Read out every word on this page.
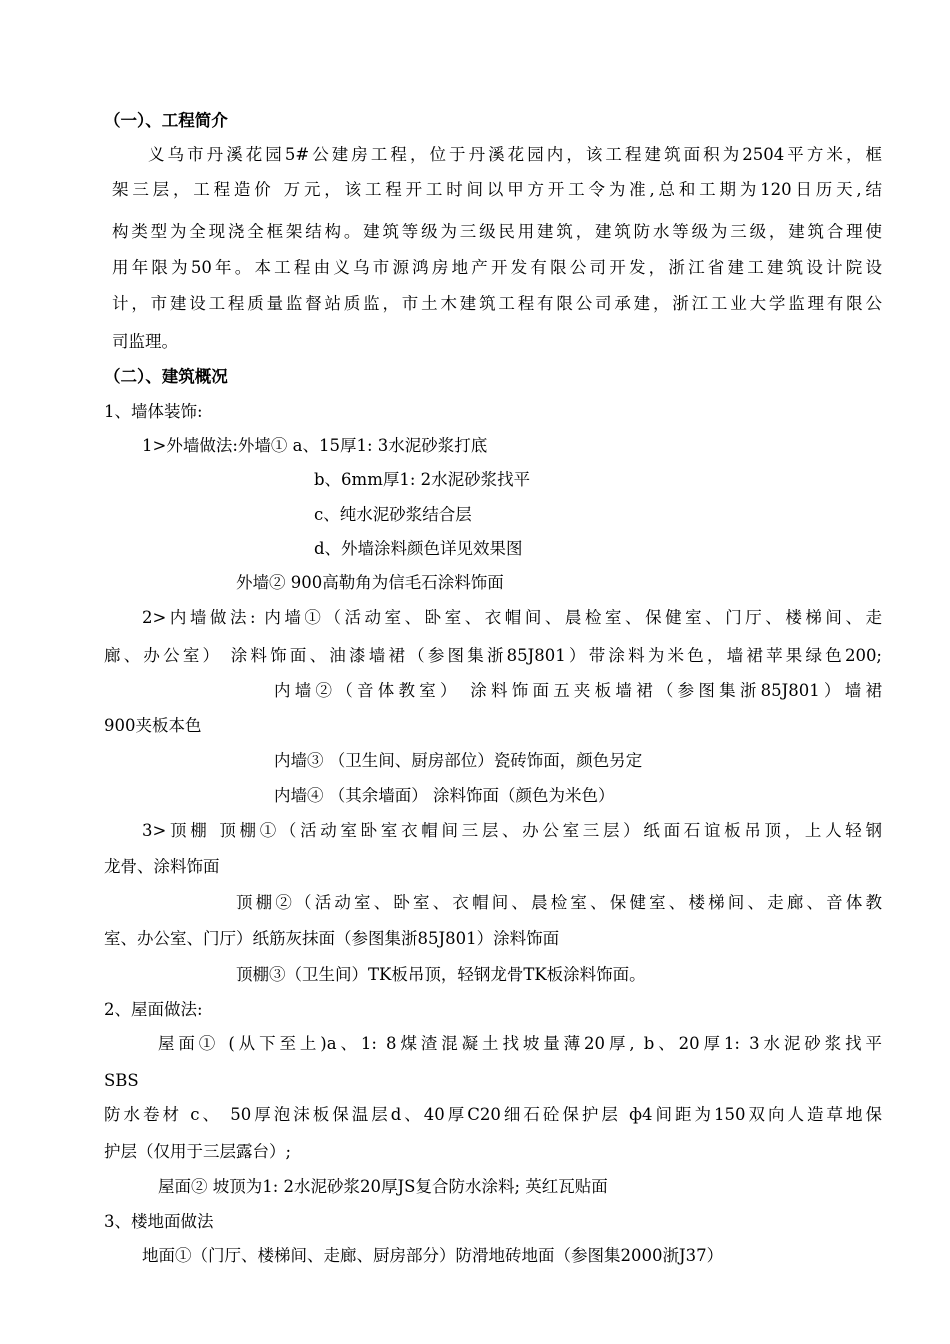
（一）、工程简介
义乌市丹溪花园5#公建房工程，位于丹溪花园内，该工程建筑面积为2504平方米，框
架三层，工程造价 万元，该工程开工时间以甲方开工令为准,总和工期为120日历天,结
构类型为全现浇全框架结构。建筑等级为三级民用建筑，建筑防水等级为三级，建筑合理使
用年限为50年。本工程由义乌市源鸿房地产开发有限公司开发，浙江省建工建筑设计院设
计，市建设工程质量监督站质监，市土木建筑工程有限公司承建，浙江工业大学监理有限公
司监理。
（二）、建筑概况
1、墙体装饰:
1>外墙做法:外墙① a、15厚1: 3水泥砂浆打底
b、6mm厚1: 2水泥砂浆找平
c、纯水泥砂浆结合层
d、外墙涂料颜色详见效果图
外墙② 900高勒角为信毛石涂料饰面
2>内墙做法: 内墙①（活动室、卧室、衣帽间、晨检室、保健室、门厅、楼梯间、走
廊、办公室） 涂料饰面、油漆墙裙（参图集浙85J801）带涂料为米色，墙裙苹果绿色200;
内墙②（音体教室） 涂料饰面五夹板墙裙（参图集浙85J801）墙裙
900夹板本色
内墙③ （卫生间、厨房部位）瓷砖饰面，颜色另定
内墙④ （其余墙面） 涂料饰面（颜色为米色）
3>顶棚 顶棚①（活动室卧室衣帽间三层、办公室三层）纸面石谊板吊顶，上人轻钢
龙骨、涂料饰面
顶棚②（活动室、卧室、衣帽间、晨检室、保健室、楼梯间、走廊、音体教
室、办公室、门厅）纸筋灰抹面（参图集浙85J801）涂料饰面
顶棚③（卫生间）TK板吊顶，轻钢龙骨TK板涂料饰面。
2、屋面做法:
屋面① (从下至上)a、1: 8煤渣混凝土找坡量薄20厚, b、20厚1: 3水泥砂浆找平
SBS
防水卷材 c、 50厚泡沫板保温层d、40厚C20细石砼保护层 ф4间距为150双向人造草地保
护层（仅用于三层露台）;
屋面② 坡顶为1: 2水泥砂浆20厚JS复合防水涂料; 英红瓦贴面
3、楼地面做法
地面①（门厅、楼梯间、走廊、厨房部分）防滑地砖地面（参图集2000浙J37）
